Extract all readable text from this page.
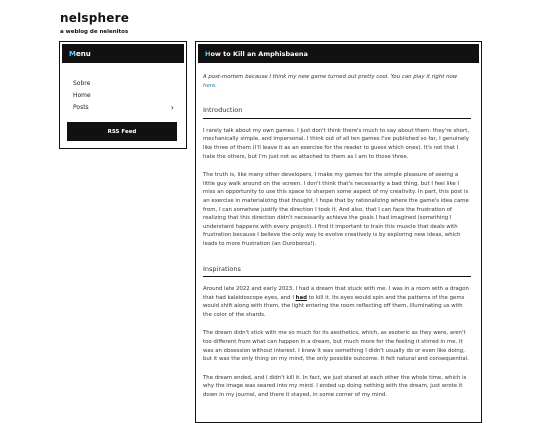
nelsphere
a weblog de nelenitos
M enu
Sobre
Home
Posts	›
RSS Feed
H ow to Kill an Amphisbaena

A post-mortem because I think my new game turned out pretty cool. You can play it right now here.

Introduction

I rarely talk about my own games. I just don't think there's much to say about them: they're short, mechanically simple, and impersonal. I think out of all ten games I've published so far, I genuinely like three of them (I'll leave it as an exercise for the reader to guess which ones). It's not that I hate the others, but I'm just not as attached to them as I am to those three.

The truth is, like many other developers, I make my games for the simple pleasure of seeing a little guy walk around on the screen. I don't think that's necessarily a bad thing, but I feel like I miss an opportunity to use this space to sharpen some aspect of my creativity. In part, this post is an exercise in materializing that thought. I hope that by rationalizing where the game's idea came from, I can somehow justify the direction I took it. And also, that I can face the frustration of realizing that this direction didn't necessarily achieve the goals I had imagined (something I understand happens with every project). I find it important to train this muscle that deals with frustration because I believe the only way to evolve creatively is by exploring new ideas, which leads to more frustration (an Ouroboros!).

Inspirations

Around late 2022 and early 2023, I had a dream that stuck with me. I was in a room with a dragon that had kaleidoscope eyes, and I had to kill it. Its eyes would spin and the patterns of the gems would shift along with them, the light entering the room reflecting off them, illuminating us with the color of the shards.

The dream didn't stick with me so much for its aesthetics, which, as esoteric as they were, aren't too different from what can happen in a dream, but much more for the feeling it stirred in me. It was an obsession without interest. I knew it was something I didn't usually do or even like doing, but it was the only thing on my mind, the only possible outcome. It felt natural and consequential.

The dream ended, and I didn't kill it. In fact, we just stared at each other the whole time, which is why the image was seared into my mind. I ended up doing nothing with the dream, just wrote it down in my journal, and there it stayed, in some corner of my mind.
